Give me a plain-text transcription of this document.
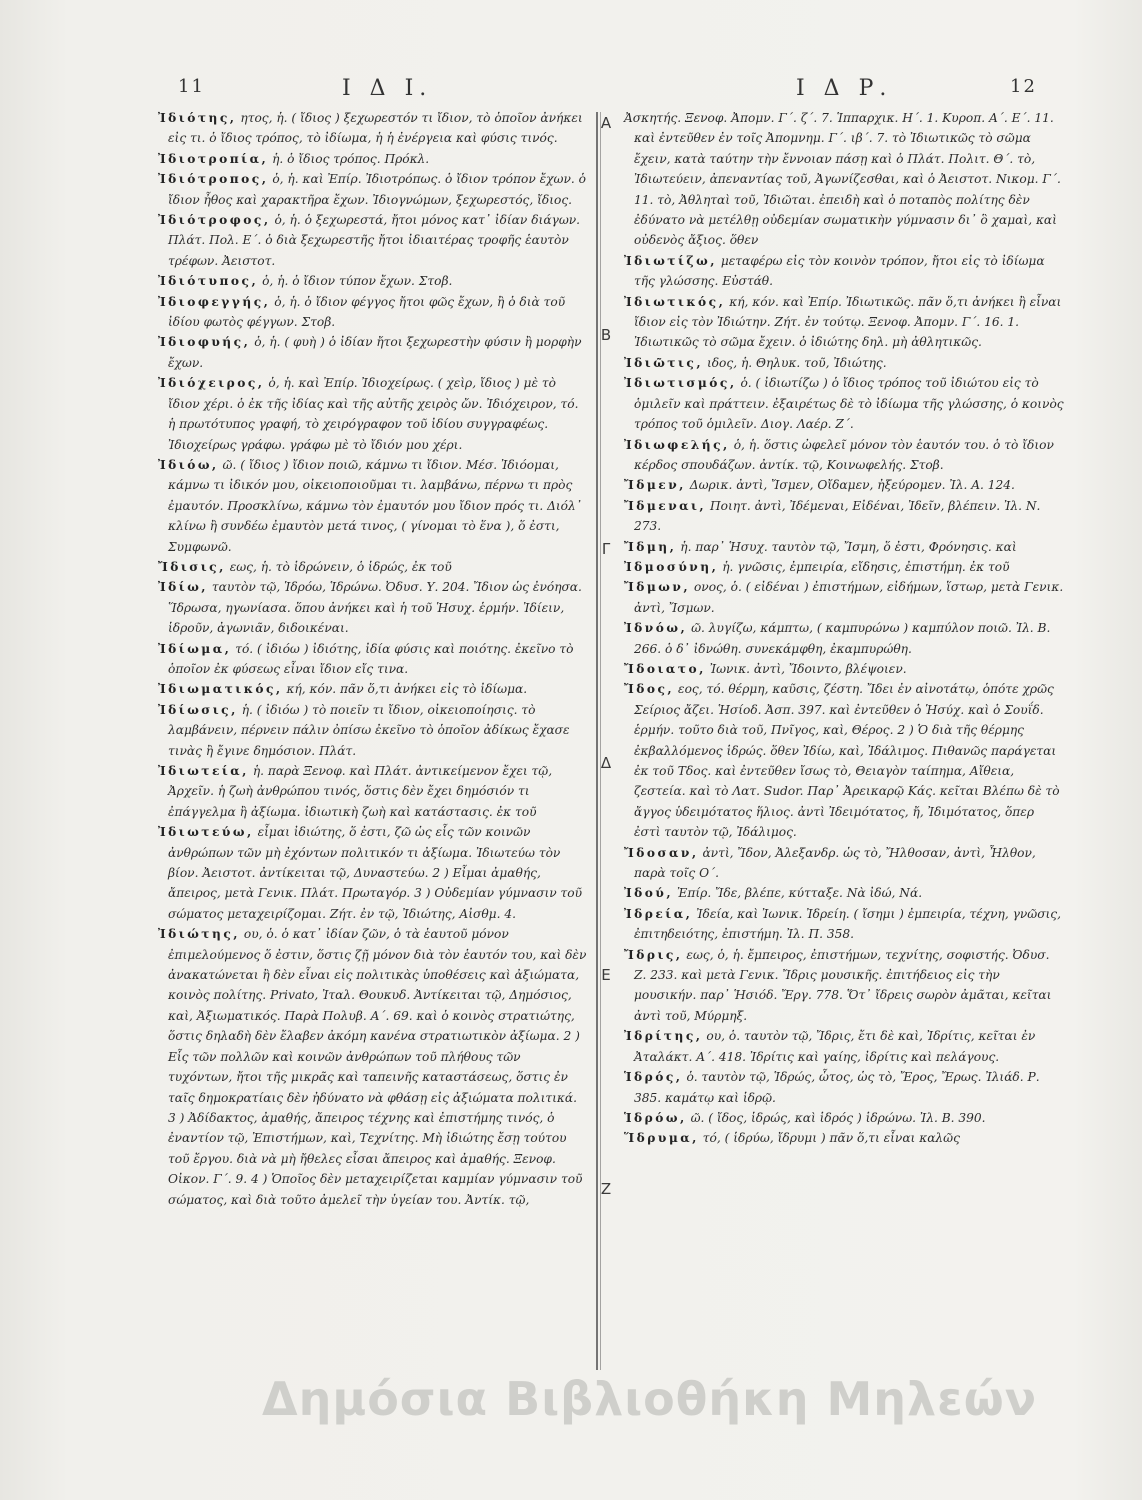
11	Ι Δ Ι.	Ι Δ Ρ.	12
Α
Β
Γ
Δ
Ε
Ζ
Ἰδιότης, ητος, ἡ. ( ἴδιος ) ξεχωρεστόν τι ἴδιον, τὸ ὁποῖον ἀνήκει εἰς τι. ὁ ἴδιος τρόπος, τὸ ἰδίωμα, ἡ ἡ ἐνέργεια καὶ φύσις τινός.
Ἰδιοτροπία, ἡ. ὁ ἴδιος τρόπος. Πρόκλ.
Ἰδιότροπος, ὁ, ἡ. καὶ Ἐπίρ. Ἰδιοτρόπως. ὁ ἴδιον τρόπον ἔχων. ὁ ἴδιον ἦθος καὶ χαρακτῆρα ἔχων. Ἰδιογνώμων, ξεχωρεστός, ἴδιος.
Ἰδιότροφος, ὁ, ἡ. ὁ ξεχωρεστά, ἤτοι μόνος κατ᾽ ἰδίαν διάγων. Πλάτ. Πολ. Ε΄. ὁ διὰ ξεχωρεστῆς ἤτοι ἰδιαιτέρας τροφῆς ἑαυτὸν τρέφων. Ἀειστοτ.
Ἰδιότυπος, ὁ, ἡ. ὁ ἴδιον τύπον ἔχων. Στοβ.
Ἰδιοφεγγής, ὁ, ἡ. ὁ ἴδιον φέγγος ἤτοι φῶς ἔχων, ἢ ὁ διὰ τοῦ ἰδίου φωτὸς φέγγων. Στοβ.
Ἰδιοφυής, ὁ, ἡ. ( φυὴ ) ὁ ἰδίαν ἤτοι ξεχωρεστὴν φύσιν ἢ μορφὴν ἔχων.
Ἰδιόχειρος, ὁ, ἡ. καὶ Ἐπίρ. Ἰδιοχείρως. ( χεὶρ, ἴδιος ) μὲ τὸ ἴδιον χέρι. ὁ ἐκ τῆς ἰδίας καὶ τῆς αὐτῆς χειρὸς ὤν. Ἰδιόχειρον, τό. ἡ πρωτότυπος γραφή, τὸ χειρόγραφον τοῦ ἰδίου συγγραφέως. Ἰδιοχείρως γράφω. γράφω μὲ τὸ ἴδιόν μου χέρι.
Ἰδιόω, ῶ. ( ἴδιος ) ἴδιον ποιῶ, κάμνω τι ἴδιον. Μέσ. Ἰδιόομαι, κάμνω τι ἰδικόν μου, οἰκειοποιοῦμαι τι. λαμβάνω, πέρνω τι πρὸς ἐμαυτόν. Προσκλίνω, κάμνω τὸν ἐμαυτόν μου ἴδιον πρός τι. Διόλ᾽ κλίνω ἢ συνδέω ἐμαυτὸν μετά τινος, ( γίνομαι τὸ ἕνα ), ὅ ἐστι, Συμφωνῶ.
Ἴδισις, εως, ἡ. τὸ ἱδρώνειν, ὁ ἱδρώς, ἐκ τοῦ
Ἰδίω, ταυτὸν τῷ, Ἱδρόω, Ἱδρώνω. Ὀδυσ. Υ. 204. Ἴδιον ὡς ἐνόησα. Ἵδρωσα, ηγωνίασα. ὅπου ἀνήκει καὶ ἡ τοῦ Ἡσυχ. ἑρμήν. Ἰδίειν, ἱδροῦν, ἀγωνιᾶν, διδοικέναι.
Ἰδίωμα, τό. ( ἰδιόω ) ἰδιότης, ἰδία φύσις καὶ ποιότης. ἐκεῖνο τὸ ὁποῖον ἐκ φύσεως εἶναι ἴδιον εἴς τινα.
Ἰδιωματικός, κή, κόν. πᾶν ὅ,τι ἀνήκει εἰς τὸ ἰδίωμα.
Ἰδίωσις, ἡ. ( ἰδιόω ) τὸ ποιεῖν τι ἴδιον, οἰκειοποίησις. τὸ λαμβάνειν, πέρνειν πάλιν ὀπίσω ἐκεῖνο τὸ ὁποῖον ἀδίκως ἔχασε τινὰς ἢ ἔγινε δημόσιον. Πλάτ.
Ἰδιωτεία, ἡ. παρὰ Ξενοφ. καὶ Πλάτ. ἀντικείμενον ἔχει τῷ, Ἀρχεῖν. ἡ ζωὴ ἀνθρώπου τινός, ὅστις δὲν ἔχει δημόσιόν τι ἐπάγγελμα ἢ ἀξίωμα. ἰδιωτικὴ ζωὴ καὶ κατάστασις. ἐκ τοῦ
Ἰδιωτεύω, εἶμαι ἰδιώτης, ὅ ἐστι, ζῶ ὡς εἷς τῶν κοινῶν ἀνθρώπων τῶν μὴ ἐχόντων πολιτικόν τι ἀξίωμα. Ἰδιωτεύω τὸν βίον. Ἀειστοτ. ἀντίκειται τῷ, Δυναστεύω. 2 ) Εἶμαι ἀμαθής, ἄπειρος, μετὰ Γενικ. Πλάτ. Πρωταγόρ. 3 ) Οὐδεμίαν γύμνασιν τοῦ σώματος μεταχειρίζομαι. Ζήτ. ἐν τῷ, Ἰδιώτης, Αἰσθμ. 4.
Ἰδιώτης, ου, ὁ. ὁ κατ᾽ ἰδίαν ζῶν, ὁ τὰ ἑαυτοῦ μόνον ἐπιμελούμενος ὅ ἐστιν, ὅστις ζῇ μόνον διὰ τὸν ἑαυτόν του, καὶ δὲν ἀνακατώνεται ἢ δὲν εἶναι εἰς πολιτικὰς ὑποθέσεις καὶ ἀξιώματα, κοινὸς πολίτης. Privato, Ἰταλ. Θουκυδ. Ἀντίκειται τῷ, Δημόσιος, καὶ, Ἀξιωματικός. Παρὰ Πολυβ. Α΄. 69. καὶ ὁ κοινὸς στρατιώτης, ὅστις δηλαδὴ δὲν ἔλαβεν ἀκόμη κανένα στρατιωτικὸν ἀξίωμα. 2 ) Εἷς τῶν πολλῶν καὶ κοινῶν ἀνθρώπων τοῦ πλήθους τῶν τυχόντων, ἤτοι τῆς μικρᾶς καὶ ταπεινῆς καταστάσεως, ὅστις ἐν ταῖς δημοκρατίαις δὲν ἠδύνατο νὰ φθάσῃ εἰς ἀξιώματα πολιτικά. 3 ) Ἀδίδακτος, ἀμαθής, ἄπειρος τέχνης καὶ ἐπιστήμης τινός, ὁ ἐναντίον τῷ, Ἐπιστήμων, καὶ, Τεχνίτης. Μὴ ἰδιώτης ἔσῃ τούτου τοῦ ἔργου. διὰ νὰ μὴ ἤθελες εἶσαι ἄπειρος καὶ ἀμαθής. Ξενοφ. Οἰκον. Γ΄. 9. 4 ) Ὁποῖος δὲν μεταχειρίζεται καμμίαν γύμνασιν τοῦ σώματος, καὶ διὰ τοῦτο ἀμελεῖ τὴν ὑγείαν του. Ἀντίκ. τῷ,
Ἀσκητής. Ξενοφ. Ἀπομν. Γ΄. ζ΄. 7. Ἱππαρχικ. Η΄. 1. Κυροπ. Α΄. Ε΄. 11. καὶ ἐντεῦθεν ἐν τοῖς Ἀπομνημ. Γ΄. ιβ΄. 7. τὸ Ἰδιωτικῶς τὸ σῶμα ἔχειν, κατὰ ταύτην τὴν ἔννοιαν πάσῃ καὶ ὁ Πλάτ. Πολιτ. Θ΄. τὸ, Ἰδιωτεύειν, ἀπεναντίας τοῦ, Ἀγωνίζεσθαι, καὶ ὁ Ἀειστοτ. Νικομ. Γ΄. 11. τὸ, Ἀθληταὶ τοῦ, Ἰδιῶται. ἐπειδὴ καὶ ὁ ποταπὸς πολίτης δὲν ἐδύνατο νὰ μετέλθῃ οὐδεμίαν σωματικὴν γύμνασιν δι᾽ ὃ χαμαὶ, καὶ οὐδενὸς ἄξιος. ὅθεν
Ἰδιωτίζω, μεταφέρω εἰς τὸν κοινὸν τρόπον, ἤτοι εἰς τὸ ἰδίωμα τῆς γλώσσης. Εὐστάθ.
Ἰδιωτικός, κή, κόν. καὶ Ἐπίρ. Ἰδιωτικῶς. πᾶν ὅ,τι ἀνήκει ἢ εἶναι ἴδιον εἰς τὸν Ἰδιώτην. Ζήτ. ἐν τούτῳ. Ξενοφ. Ἀπομν. Γ΄. 16. 1. Ἰδιωτικῶς τὸ σῶμα ἔχειν. ὁ ἰδιώτης δηλ. μὴ ἀθλητικῶς.
Ἰδιῶτις, ιδος, ἡ. Θηλυκ. τοῦ, Ἰδιώτης.
Ἰδιωτισμός, ὁ. ( ἰδιωτίζω ) ὁ ἴδιος τρόπος τοῦ ἰδιώτου εἰς τὸ ὁμιλεῖν καὶ πράττειν. ἐξαιρέτως δὲ τὸ ἰδίωμα τῆς γλώσσης, ὁ κοινὸς τρόπος τοῦ ὁμιλεῖν. Διογ. Λαέρ. Ζ΄.
Ἰδιωφελής, ὁ, ἡ. ὅστις ὠφελεῖ μόνον τὸν ἑαυτόν του. ὁ τὸ ἴδιον κέρδος σπουδάζων. ἀντίκ. τῷ, Κοινωφελής. Στοβ.
Ἴδμεν, Δωρικ. ἀντὶ, Ἴσμεν, Οἴδαμεν, ἠξεύρομεν. Ἰλ. Α. 124.
Ἴδμεναι, Ποιητ. ἀντὶ, Ἰδέμεναι, Εἰδέναι, Ἰδεῖν, βλέπειν. Ἰλ. Ν. 273.
Ἴδμη, ἡ. παρ᾽ Ἡσυχ. ταυτὸν τῷ, Ἴσμη, ὅ ἐστι, Φρόνησις. καὶ
Ἰδμοσύνη, ἡ. γνῶσις, ἐμπειρία, εἴδησις, ἐπιστήμη. ἐκ τοῦ
Ἴδμων, ονος, ὁ. ( εἰδέναι ) ἐπιστήμων, εἰδήμων, ἵστωρ, μετὰ Γενικ. ἀντὶ, Ἴσμων.
Ἰδνόω, ῶ. λυγίζω, κάμπτω, ( καμπυρώνω ) καμπύλον ποιῶ. Ἰλ. Β. 266. ὁ δ᾽ ἰδνώθη. συνεκάμφθη, ἐκαμπυρώθη.
Ἴδοιατο, Ἰωνικ. ἀντὶ, Ἴδοιντο, βλέψοιεν.
Ἴδος, εος, τό. θέρμη, καῦσις, ζέστη. Ἴδει ἐν αἰνοτάτῳ, ὁπότε χρῶς Σείριος ἄζει. Ἡσίοδ. Ἀσπ. 397. καὶ ἐντεῦθεν ὁ Ἡσύχ. καὶ ὁ Σουΐδ. ἑρμήν. τοῦτο διὰ τοῦ, Πνῖγος, καὶ, Θέρος. 2 ) Ὁ διὰ τῆς θέρμης ἐκβαλλόμενος ἱδρώς. ὅθεν Ἰδίω, καὶ, Ἰδάλιμος. Πιθανῶς παράγεται ἐκ τοῦ Τδος. καὶ ἐντεῦθεν ἴσως τὸ, Θειαγὸν ταίπημα, Αἴθεια, ζεστεία. καὶ τὸ Λατ. Sudor. Παρ᾽ Ἀρεικαρῷ Κάς. κεῖται Βλέπω δὲ τὸ ἄγγος ὑδειμότατος ἥλιος. ἀντὶ Ἰδειμότατος, ἤ, Ἰδιμότατος, ὅπερ ἐστὶ ταυτὸν τῷ, Ἰδάλιμος.
Ἴδοσαν, ἀντὶ, Ἴδον, Ἀλεξανδρ. ὡς τὸ, Ἤλθοσαν, ἀντὶ, Ἦλθον, παρὰ τοῖς Ο΄.
Ἰδού, Ἐπίρ. Ἴδε, βλέπε, κύτταξε. Νὰ ἰδώ, Νά.
Ἰδρεία, Ἰδεία, καὶ Ἰωνικ. Ἰδρείη. ( ἴσημι ) ἐμπειρία, τέχνη, γνῶσις, ἐπιτηδειότης, ἐπιστήμη. Ἰλ. Π. 358.
Ἴδρις, εως, ὁ, ἡ. ἔμπειρος, ἐπιστήμων, τεχνίτης, σοφιστής. Ὀδυσ. Ζ. 233. καὶ μετὰ Γενικ. Ἴδρις μουσικῆς. ἐπιτήδειος εἰς τὴν μουσικήν. παρ᾽ Ἡσιόδ. Ἔργ. 778. Ὅτ᾽ ἴδρεις σωρὸν ἀμᾶται, κεῖται ἀντὶ τοῦ, Μύρμηξ.
Ἰδρίτης, ου, ὁ. ταυτὸν τῷ, Ἴδρις, ἔτι δὲ καὶ, Ἰδρίτις, κεῖται ἐν Ἀταλάκτ. Α΄. 418. Ἰδρίτις καὶ γαίης, ἰδρίτις καὶ πελάγους.
Ἱδρός, ὁ. ταυτὸν τῷ, Ἱδρώς, ὧτος, ὡς τὸ, Ἔρος, Ἔρως. Ἰλιάδ. Ρ. 385. καμάτῳ καὶ ἱδρῷ.
Ἱδρόω, ῶ. ( ἴδος, ἱδρώς, καὶ ἱδρός ) ἱδρώνω. Ἰλ. Β. 390.
Ἵδρυμα, τό, ( ἱδρύω, ἴδρυμι ) πᾶν ὅ,τι εἶναι καλῶς
Δημόσια Βιβλιοθήκη Μηλεών
